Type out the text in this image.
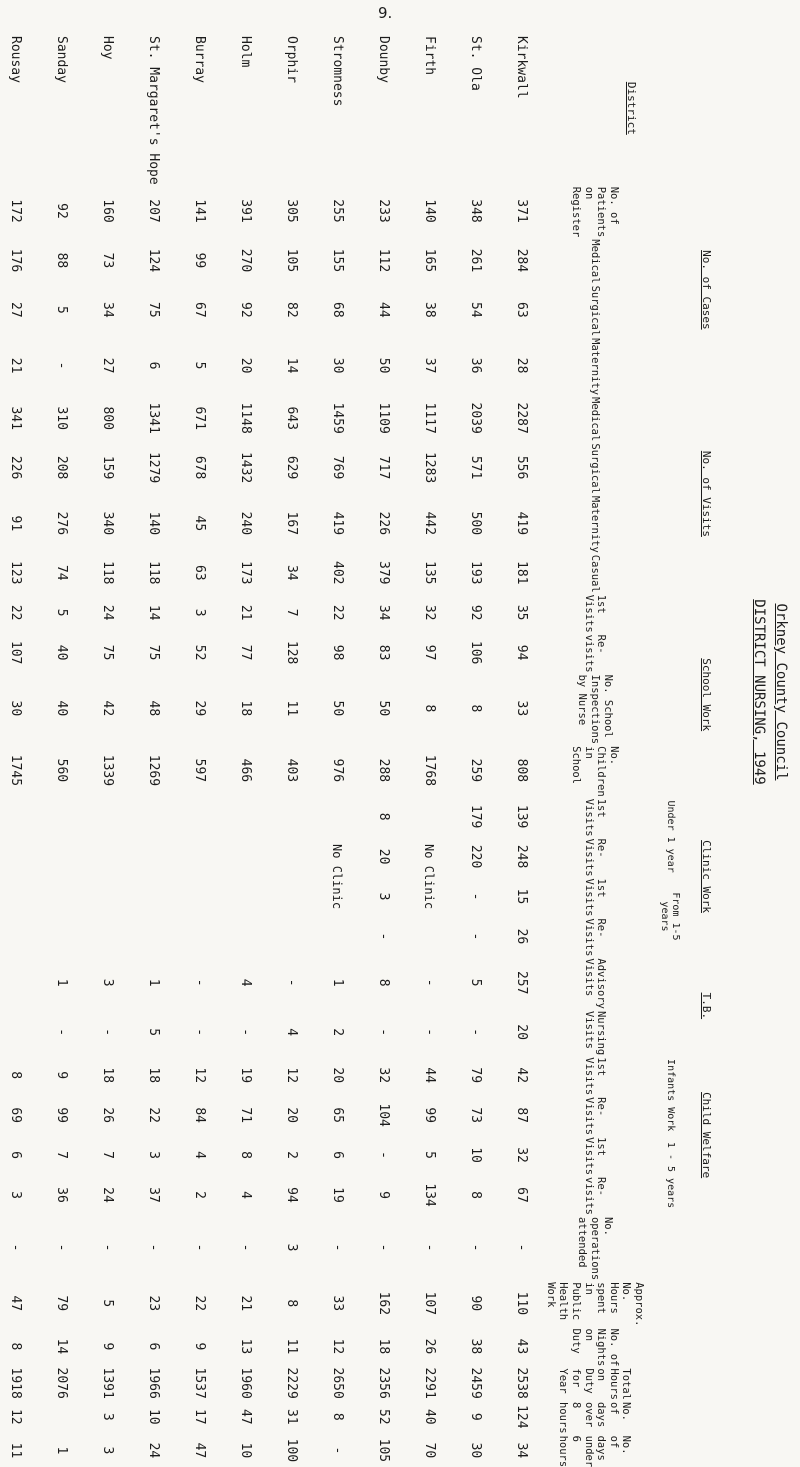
9.
Orkney County Council
DISTRICT NURSING, 1949
District	No. of Cases				No. of Visits				School Work				Clinic Work				T.B.		Child Welfare									
													Under 1 year		From 1-5 years				Infants Work		1 - 5 years							
	No. of Patients on Register	Medical	Surgical	Maternity	Medical	Surgical	Maternity	Casual	1st Visits	Re-visits	No. School Inspections by Nurse	No. Children in School	1st Visits	Re-Visits	1st Visits	Re-Visits	Advisory Visits	Nursing Visits	1st Visits	Re-Visits	1st Visits	Re-visits	No. operations attended	Approx. No. Hours spent in Public Health Work	No. of Nights on Duty	Total Hours on Duty for Year	No. of days over 8 hours	No. of days under 6 hours
Kirkwall	371	284	63	28	2287	556	419	181	35	94	33	808	139	248	15	26	257	20	42	87	32	67	-	110	43	2538	124	34
St. Ola	348	261	54	36	2039	571	500	193	92	106	8	259	179	220	-	-	5	-	79	73	10	8	-	90	38	2459	9	30
Firth	140	165	38	37	1117	1283	442	135	32	97	8	1768	No Clinic				-	-	44	99	5	134	-	107	26	2291	40	70
Dounby	233	112	44	50	1109	717	226	379	34	83	50	288	8	20	3	-	8	-	32	104	-	9	-	162	18	2356	52	105
Stromness	255	155	68	30	1459	769	419	402	22	98	50	976	No Clinic				1	2	20	65	6	19	-	33	12	2650	8	-
Orphir	305	105	82	14	643	629	167	34	7	128	11	403					-	4	12	20	2	94	3	8	11	2229	31	100
Holm	391	270	92	20	1148	1432	240	173	21	77	18	466					4	-	19	71	8	4	-	21	13	1960	47	10
Burray	141	99	67	5	671	678	45	63	3	52	29	597					-	-	12	84	4	2	-	22	9	1537	17	47
St. Margaret's Hope	207	124	75	6	1341	1279	140	118	14	75	48	1269					1	5	18	22	3	37	-	23	6	1966	10	24
Hoy	160	73	34	27	800	159	340	118	24	75	42	1339					3	-	18	26	7	24	-	5	9	1391	3	3
Sanday	92	88	5	-	310	208	276	74	5	40	40	560					1	-	9	99	7	36	-	79	14	2076		1
Rousay	172	176	27	21	341	226	91	123	22	107	30	1745							8	69	6	3	-	47	8	1918	12	11
